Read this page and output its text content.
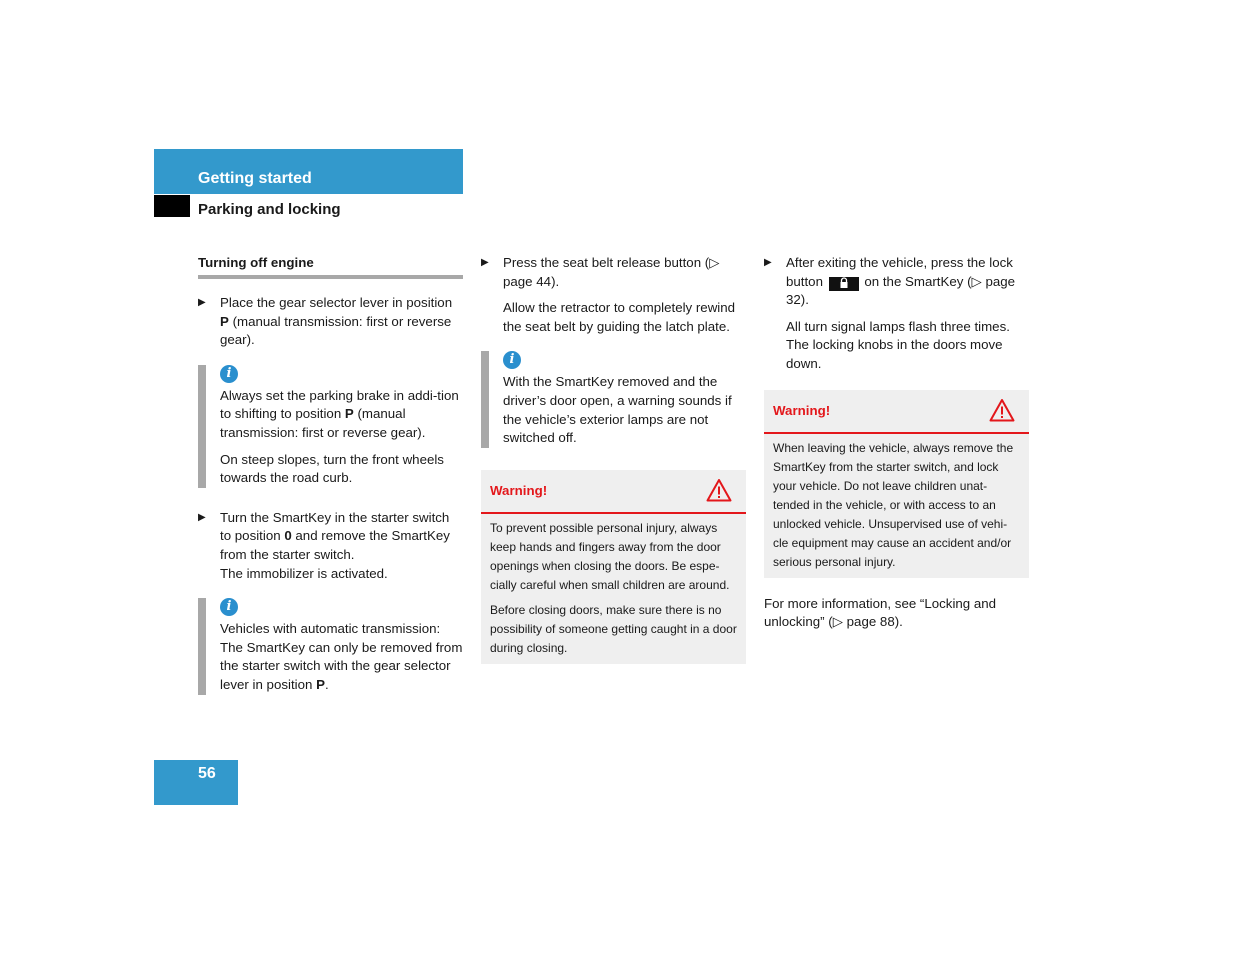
Getting started
Parking and locking
Turning off engine
▶ Place the gear selector lever in position P (manual transmission: first or reverse gear).
i

Always set the parking brake in addi-tion to shifting to position P (manual transmission: first or reverse gear).

On steep slopes, turn the front wheels towards the road curb.

▶ Turn the SmartKey in the starter switch to position 0 and remove the SmartKey from the starter switch.
The immobilizer is activated.
i

Vehicles with automatic transmission: The SmartKey can only be removed from the starter switch with the gear selector lever in position P.

▶ Press the seat belt release button (▷ page 44).
Allow the retractor to completely rewind the seat belt by guiding the latch plate.
i

With the SmartKey removed and the driver’s door open, a warning sounds if the vehicle’s exterior lamps are not switched off.

Warning!

To prevent possible personal injury, always keep hands and fingers away from the door openings when closing the doors. Be espe-cially careful when small children are around.

Before closing doors, make sure there is no possibility of someone getting caught in a door during closing.

▶ After exiting the vehicle, press the lock button	on the SmartKey (▷ page 32).
All turn signal lamps flash three times. The locking knobs in the doors move down.
Warning!

When leaving the vehicle, always remove the SmartKey from the starter switch, and lock your vehicle. Do not leave children unat-tended in the vehicle, or with access to an unlocked vehicle. Unsupervised use of vehi-cle equipment may cause an accident and/or serious personal injury.

For more information, see “Locking and unlocking” (▷ page 88).
56
